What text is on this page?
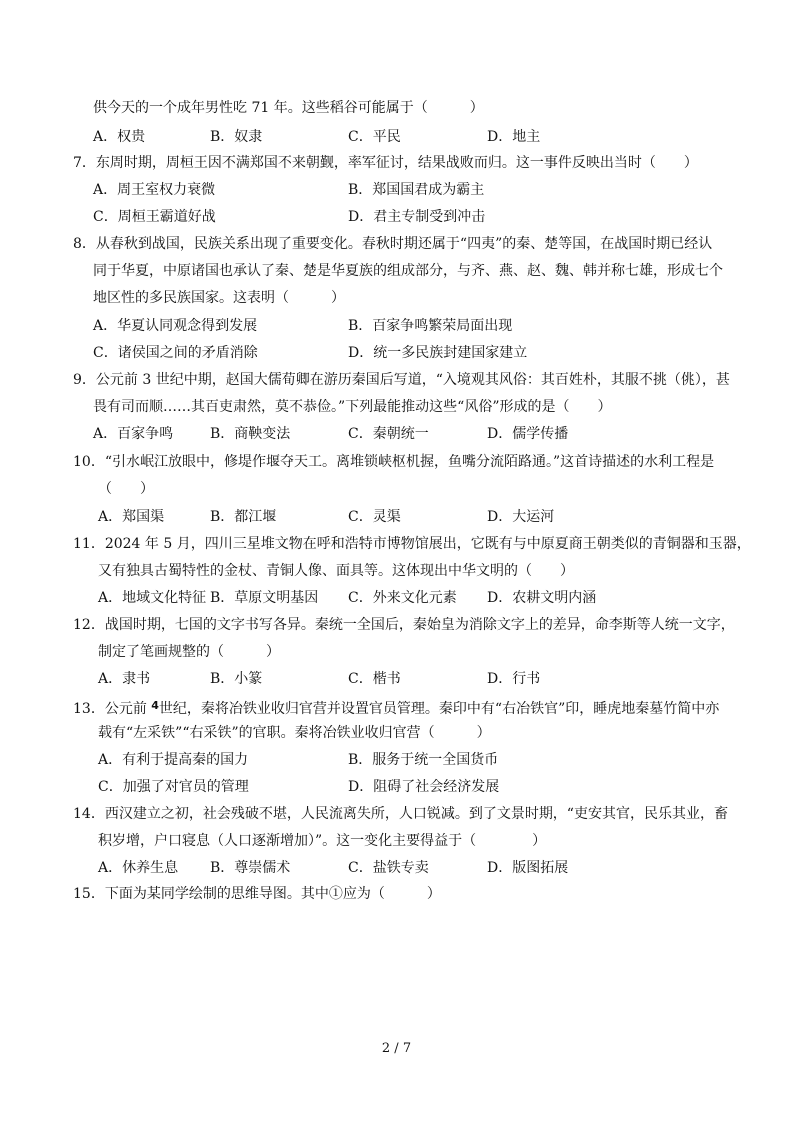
供今天的一个成年男性吃 71 年。这些稻谷可能属于（　　　）
A．权贵	B．奴隶	C．平民	D．地主
7．东周时期，周桓王因不满郑国不来朝觐，率军征讨，结果战败而归。这一事件反映出当时（　　）
A．周王室权力衰微	B．郑国国君成为霸主
C．周桓王霸道好战	D．君主专制受到冲击
8．从春秋到战国，民族关系出现了重要变化。春秋时期还属于“四夷”的秦、楚等国，在战国时期已经认
同于华夏，中原诸国也承认了秦、楚是华夏族的组成部分，与齐、燕、赵、魏、韩并称七雄，形成七个
地区性的多民族国家。这表明（　　　）
A．华夏认同观念得到发展	B．百家争鸣繁荣局面出现
C．诸侯国之间的矛盾消除	D．统一多民族封建国家建立
9．公元前 3 世纪中期，赵国大儒荀卿在游历秦国后写道，“入境观其风俗：其百姓朴，其服不挑（佻），甚
畏有司而顺……其百吏肃然，莫不恭俭。”下列最能推动这些“风俗”形成的是（　　）
A．百家争鸣	B．商鞅变法	C．秦朝统一	D．儒学传播
10．“引水岷江放眼中，修堤作堰夺天工。离堆锁峡枢机握，鱼嘴分流陌路通。”这首诗描述的水利工程是
（　　）
A．郑国渠	B．都江堰	C．灵渠	D．大运河
11．2024 年 5 月，四川三星堆文物在呼和浩特市博物馆展出，它既有与中原夏商王朝类似的青铜器和玉器，
又有独具古蜀特性的金杖、青铜人像、面具等。这体现出中华文明的（　　）
A．地域文化特征 B．草原文明基因 C．外来文化元素 D．农耕文明内涵
12．战国时期，七国的文字书写各异。秦统一全国后，秦始皇为消除文字上的差异，命李斯等人统一文字，
制定了笔画规整的（　　　）
A．隶书	B．小篆	C．楷书	D．行书
13．公元前 $^4$世纪，秦将冶铁业收归官营并设置官员管理。秦印中有“右冶铁官”印，睡虎地秦墓竹简中亦
载有“左采铁”“右采铁”的官职。秦将冶铁业收归官营（　　　）
A．有利于提高秦的国力	B．服务于统一全国货币
C．加强了对官员的管理	D．阻碍了社会经济发展
14．西汉建立之初，社会残破不堪，人民流离失所，人口锐减。到了文景时期，“吏安其官，民乐其业，畜
积岁增，户口寝息（人口逐渐增加）”。这一变化主要得益于（　　　　）
A．休养生息 B．尊崇儒术	C．盐铁专卖	D．版图拓展
15．下面为某同学绘制的思维导图。其中①应为（　　　）
2 / 7
